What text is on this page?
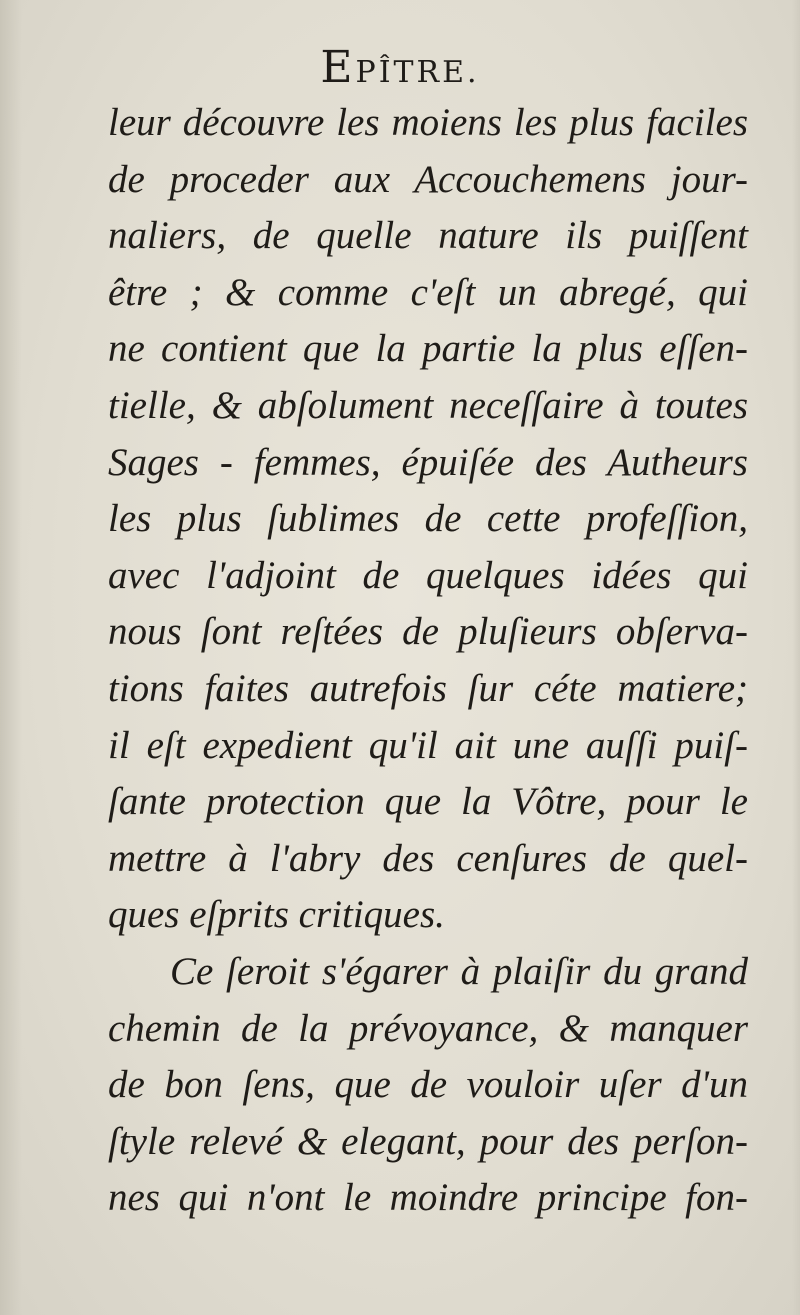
EPÎTRE.
leur découvre les moiens les plus faciles
de proceder aux Accouchemens jour-
naliers, de quelle nature ils puiſſent
être ; & comme c'eſt un abregé, qui
ne contient que la partie la plus eſſen-
tielle, & abſolument neceſſaire à toutes
Sages - femmes, épuiſée des Autheurs
les plus ſublimes de cette profeſſion,
avec l'adjoint de quelques idées qui
nous ſont reſtées de pluſieurs obſerva-
tions faites autrefois ſur céte matiere;
il eſt expedient qu'il ait une auſſi puiſ-
ſante protection que la Vôtre, pour le
mettre à l'abry des cenſures de quel-
ques eſprits critiques.
Ce ſeroit s'égarer à plaiſir du grand
chemin de la prévoyance, & manquer
de bon ſens, que de vouloir uſer d'un
ſtyle relevé & elegant, pour des perſon-
nes qui n'ont le moindre principe fon-
